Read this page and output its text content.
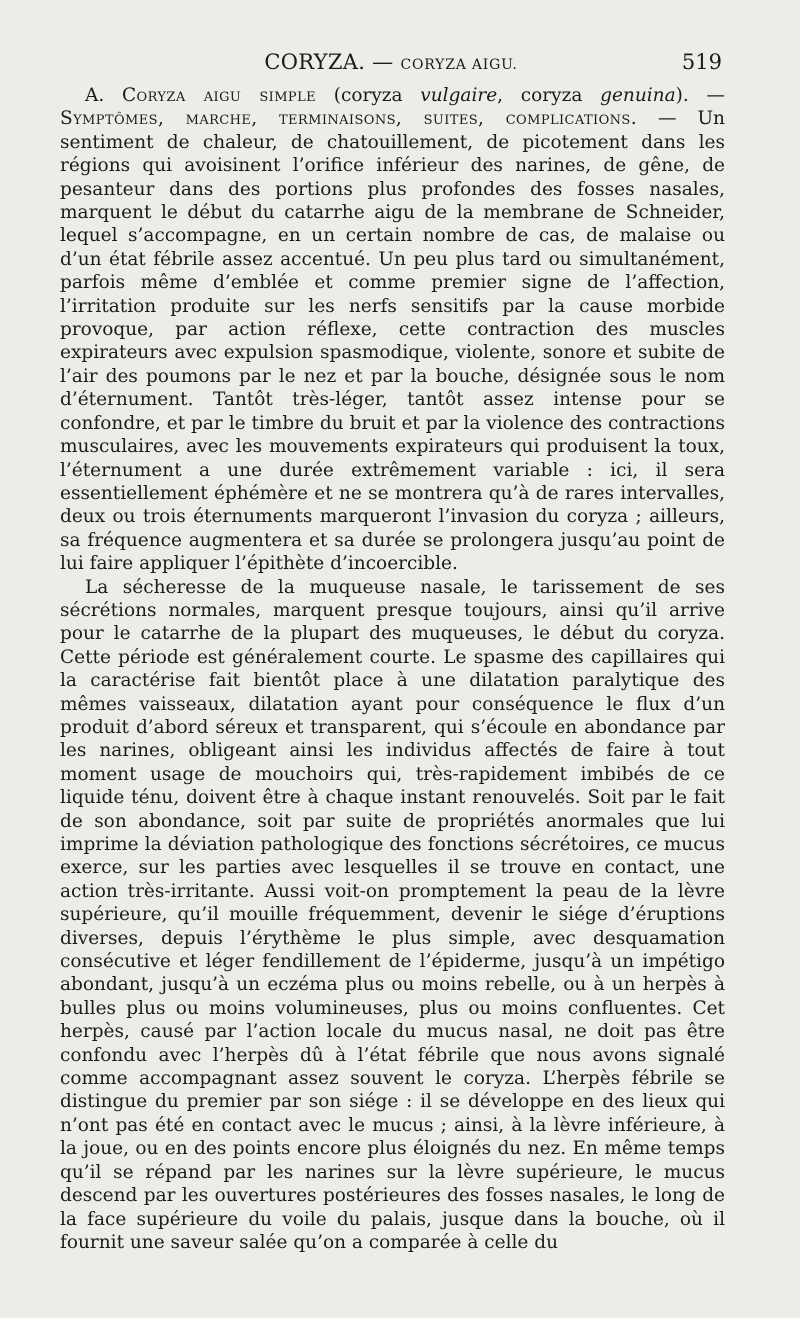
CORYZA. — CORYZA AIGU.	519

A. Coryza aigu simple (coryza vulgaire, coryza genuina). — Symptômes, marche, terminaisons, suites, complications. — Un sentiment de chaleur, de chatouillement, de picotement dans les régions qui avoisinent l’orifice inférieur des narines, de gêne, de pesanteur dans des portions plus profondes des fosses nasales, marquent le début du catarrhe aigu de la membrane de Schneider, lequel s’accompagne, en un certain nombre de cas, de malaise ou d’un état fébrile assez accentué. Un peu plus tard ou simultanément, parfois même d’emblée et comme premier signe de l’affection, l’irritation produite sur les nerfs sensitifs par la cause morbide provoque, par action réflexe, cette contraction des muscles expirateurs avec expulsion spasmodique, violente, sonore et subite de l’air des poumons par le nez et par la bouche, désignée sous le nom d’éternument. Tantôt très-léger, tantôt assez intense pour se confondre, et par le timbre du bruit et par la violence des contractions musculaires, avec les mouvements expirateurs qui produisent la toux, l’éternument a une durée extrêmement variable : ici, il sera essentiellement éphémère et ne se montrera qu’à de rares intervalles, deux ou trois éternuments marqueront l’invasion du coryza ; ailleurs, sa fréquence augmentera et sa durée se prolongera jusqu’au point de lui faire appliquer l’épithète d’incoercible.

La sécheresse de la muqueuse nasale, le tarissement de ses sécrétions normales, marquent presque toujours, ainsi qu’il arrive pour le catarrhe de la plupart des muqueuses, le début du coryza. Cette période est généralement courte. Le spasme des capillaires qui la caractérise fait bientôt place à une dilatation paralytique des mêmes vaisseaux, dilatation ayant pour conséquence le flux d’un produit d’abord séreux et transparent, qui s’écoule en abondance par les narines, obligeant ainsi les individus affectés de faire à tout moment usage de mouchoirs qui, très-rapidement imbibés de ce liquide ténu, doivent être à chaque instant renouvelés. Soit par le fait de son abondance, soit par suite de propriétés anormales que lui imprime la déviation pathologique des fonctions sécrétoires, ce mucus exerce, sur les parties avec lesquelles il se trouve en contact, une action très-irritante. Aussi voit-on promptement la peau de la lèvre supérieure, qu’il mouille fréquemment, devenir le siége d’éruptions diverses, depuis l’érythème le plus simple, avec desquamation consécutive et léger fendillement de l’épiderme, jusqu’à un impétigo abondant, jusqu’à un eczéma plus ou moins rebelle, ou à un herpès à bulles plus ou moins volumineuses, plus ou moins confluentes. Cet herpès, causé par l’action locale du mucus nasal, ne doit pas être confondu avec l’herpès dû à l’état fébrile que nous avons signalé comme accompagnant assez souvent le coryza. L’herpès fébrile se distingue du premier par son siége : il se développe en des lieux qui n’ont pas été en contact avec le mucus ; ainsi, à la lèvre inférieure, à la joue, ou en des points encore plus éloignés du nez. En même temps qu’il se répand par les narines sur la lèvre supérieure, le mucus descend par les ouvertures postérieures des fosses nasales, le long de la face supérieure du voile du palais, jusque dans la bouche, où il fournit une saveur salée qu’on a comparée à celle du
